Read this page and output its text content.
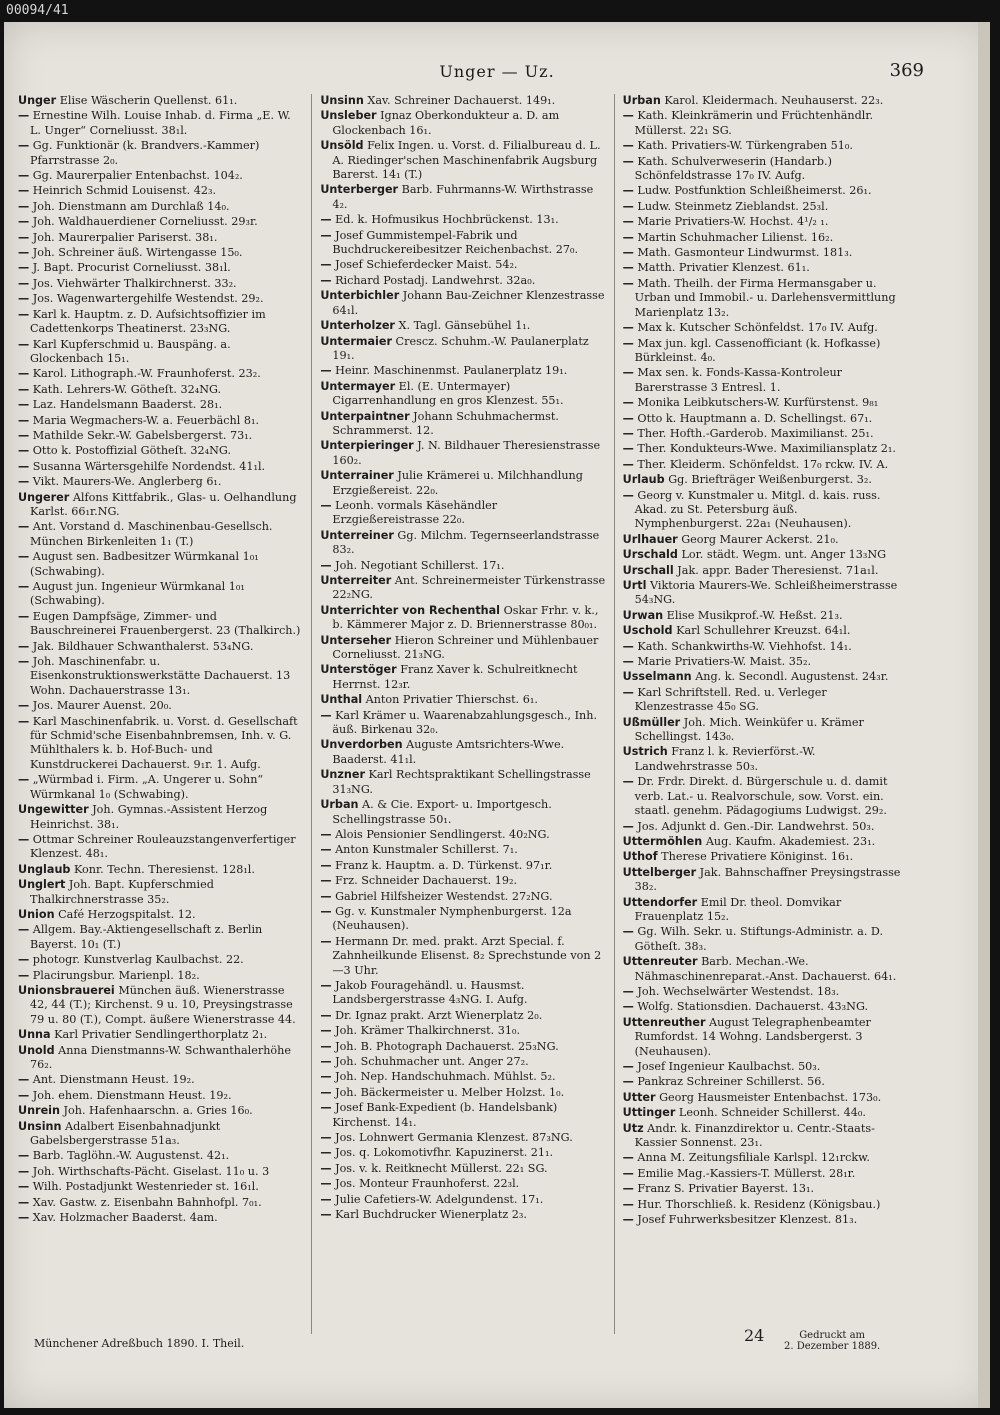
00094/41
Unger — Uz.	369
Unger Elise Wäscherin Quellenst. 61₁.
— Ernestine Wilh. Louise Inhab. d. Firma „E. W. L. Unger“ Corneliusst. 38₁l.
— Gg. Funktionär (k. Brandvers.-Kammer) Pfarrstrasse 2₀.
— Gg. Maurerpalier Entenbachst. 104₂.
— Heinrich Schmid Louisenst. 42₃.
— Joh. Dienstmann am Durchlaß 14₀.
— Joh. Waldhauerdiener Corneliusst. 29₃r.
— Joh. Maurerpalier Pariserst. 38₁.
— Joh. Schreiner äuß. Wirtengasse 15₀.
— J. Bapt. Procurist Corneliusst. 38₁l.
— Jos. Viehwärter Thalkirchnerst. 33₂.
— Jos. Wagenwartergehilfe Westendst. 29₂.
— Karl k. Hauptm. z. D. Aufsichtsoffizier im Cadettenkorps Theatinerst. 23₃NG.
— Karl Kupferschmid u. Bauspäng. a. Glockenbach 15₁.
— Karol. Lithograph.-W. Fraunhoferst. 23₂.
— Kath. Lehrers-W. Götheſt. 32₄NG.
— Laz. Handelsmann Baaderst. 28₁.
— Maria Wegmachers-W. a. Feuerbächl 8₁.
— Mathilde Sekr.-W. Gabelsbergerst. 73₁.
— Otto k. Postoffizial Götheſt. 32₄NG.
— Susanna Wärtersgehilfe Nordendst. 41₁l.
— Vikt. Maurers-We. Anglerberg 6₁.
Ungerer Alfons Kittfabrik., Glas- u. Oelhandlung Karlst. 66₁r.NG.
— Ant. Vorstand d. Maschinenbau-Gesellsch. München Birkenleiten 1₁ (T.)
— August sen. Badbesitzer Würmkanal 1₀₁ (Schwabing).
— August jun. Ingenieur Würmkanal 1₀₁ (Schwabing).
— Eugen Dampfsäge, Zimmer- und Bauschreinerei Frauenbergerst. 23 (Thalkirch.)
— Jak. Bildhauer Schwanthalerst. 53₄NG.
— Joh. Maschinenfabr. u. Eisenkonstruktionswerkstätte Dachauerst. 13 Wohn. Dachauerstrasse 13₁.
— Jos. Maurer Auenst. 20₀.
— Karl Maschinenfabrik. u. Vorst. d. Gesellschaft für Schmid'sche Eisenbahnbremsen, Inh. v. G. Mühlthalers k. b. Hof-Buch- und Kunstdruckerei Dachauerst. 9₁r. 1. Aufg.
— „Würmbad i. Firm. „A. Ungerer u. Sohn“ Würmkanal 1₀ (Schwabing).
Ungewitter Joh. Gymnas.-Assistent Herzog Heinrichst. 38₁.
— Ottmar Schreiner Rouleauzstangenverfertiger Klenzest. 48₁.
Unglaub Konr. Techn. Theresienst. 128₁l.
Unglert Joh. Bapt. Kupferschmied Thalkirchnerstrasse 35₂.
Union Café Herzogspitalst. 12.
— Allgem. Bay.-Aktiengesellschaft z. Berlin Bayerst. 10₁ (T.)
— photogr. Kunstverlag Kaulbachst. 22.
— Placirungsbur. Marienpl. 18₂.
Unionsbrauerei München äuß. Wienerstrasse 42, 44 (T.); Kirchenst. 9 u. 10, Preysingstrasse 79 u. 80 (T.), Compt. äußere Wienerstrasse 44.
Unna Karl Privatier Sendlingerthorplatz 2₁.
Unold Anna Dienstmanns-W. Schwanthalerhöhe 76₂.
— Ant. Dienstmann Heust. 19₂.
— Joh. ehem. Dienstmann Heust. 19₂.
Unrein Joh. Hafenhaarschn. a. Gries 16₀.
Unsinn Adalbert Eisenbahnadjunkt Gabelsbergerstrasse 51a₃.
— Barb. Taglöhn.-W. Augustenst. 42₁.
— Joh. Wirthschafts-Pächt. Giselast. 11₀ u. 3
— Wilh. Postadjunkt Westenrieder st. 16₁l.
— Xav. Gastw. z. Eisenbahn Bahnhofpl. 7₀₁.
— Xav. Holzmacher Baaderst. 4am.
Unsinn Xav. Schreiner Dachauerst. 149₁.
Unsleber Ignaz Oberkondukteur a. D. am Glockenbach 16₁.
Unsöld Felix Ingen. u. Vorst. d. Filialbureau d. L. A. Riedinger'schen Maschinenfabrik Augsburg Barerst. 14₁ (T.)
Unterberger Barb. Fuhrmanns-W. Wirthstrasse 4₂.
— Ed. k. Hofmusikus Hochbrückenst. 13₁.
— Josef Gummistempel-Fabrik und Buchdruckereibesitzer Reichenbachst. 27₀.
— Josef Schieferdecker Maist. 54₂.
— Richard Postadj. Landwehrst. 32a₀.
Unterbichler Johann Bau-Zeichner Klenzestrasse 64₁l.
Unterholzer X. Tagl. Gänsebühel 1₁.
Untermaier Crescz. Schuhm.-W. Paulanerplatz 19₁.
— Heinr. Maschinenmst. Paulanerplatz 19₁.
Untermayer El. (E. Untermayer) Cigarrenhandlung en gros Klenzest. 55₁.
Unterpaintner Johann Schuhmachermst. Schrammerst. 12.
Unterpieringer J. N. Bildhauer Theresienstrasse 160₂.
Unterrainer Julie Krämerei u. Milchhandlung Erzgießereist. 22₀.
— Leonh. vormals Käsehändler Erzgießereistrasse 22₀.
Unterreiner Gg. Milchm. Tegernseerlandstrasse 83₂.
— Joh. Negotiant Schillerst. 17₁.
Unterreiter Ant. Schreinermeister Türkenstrasse 22₂NG.
Unterrichter von Rechenthal Oskar Frhr. v. k., b. Kämmerer Major z. D. Briennerstrasse 80₀₁.
Unterseher Hieron Schreiner und Mühlenbauer Corneliusst. 21₃NG.
Unterstöger Franz Xaver k. Schulreitknecht Herrnst. 12₃r.
Unthal Anton Privatier Thierschst. 6₁.
— Karl Krämer u. Waarenabzahlungsgesch., Inh. äuß. Birkenau 32₀.
Unverdorben Auguste Amtsrichters-Wwe. Baaderst. 41₁l.
Unzner Karl Rechtspraktikant Schellingstrasse 31₃NG.
Urban A. & Cie. Export- u. Importgesch. Schellingstrasse 50₁.
— Alois Pensionier Sendlingerst. 40₂NG.
— Anton Kunstmaler Schillerst. 7₁.
— Franz k. Hauptm. a. D. Türkenst. 97₁r.
— Frz. Schneider Dachauerst. 19₂.
— Gabriel Hilfsheizer Westendst. 27₂NG.
— Gg. v. Kunstmaler Nymphenburgerst. 12a (Neuhausen).
— Hermann Dr. med. prakt. Arzt Special. f. Zahnheilkunde Elisenst. 8₂ Sprechstunde von 2—3 Uhr.
— Jakob Fouragehändl. u. Hausmst. Landsbergerstrasse 4₃NG. I. Aufg.
— Dr. Ignaz prakt. Arzt Wienerplatz 2₀.
— Joh. Krämer Thalkirchnerst. 31₀.
— Joh. B. Photograph Dachauerst. 25₃NG.
— Joh. Schuhmacher unt. Anger 27₂.
— Joh. Nep. Handschuhmach. Mühlst. 5₂.
— Joh. Bäckermeister u. Melber Holzst. 1₀.
— Josef Bank-Expedient (b. Handelsbank) Kirchenst. 14₁.
— Jos. Lohnwert Germania Klenzest. 87₃NG.
— Jos. q. Lokomotivfhr. Kapuzinerst. 21₁.
— Jos. v. k. Reitknecht Müllerst. 22₁ SG.
— Jos. Monteur Fraunhoferst. 22₃l.
— Julie Cafetiers-W. Adelgundenst. 17₁.
— Karl Buchdrucker Wienerplatz 2₃.
Urban Karol. Kleidermach. Neuhauserst. 22₃.
— Kath. Kleinkrämerin und Früchtenhändlr. Müllerst. 22₁ SG.
— Kath. Privatiers-W. Türkengraben 51₀.
— Kath. Schulverweserin (Handarb.) Schönfeldstrasse 17₀ IV. Aufg.
— Ludw. Postfunktion Schleißheimerst. 26₁.
— Ludw. Steinmetz Zieblandst. 25₃l.
— Marie Privatiers-W. Hochst. 4¹/₂ ₁.
— Martin Schuhmacher Lilienst. 16₂.
— Math. Gasmonteur Lindwurmst. 181₃.
— Matth. Privatier Klenzest. 61₁.
— Math. Theilh. der Firma Hermansgaber u. Urban und Immobil.- u. Darlehensvermittlung Marienplatz 13₂.
— Max k. Kutscher Schönfeldst. 17₀ IV. Aufg.
— Max jun. kgl. Cassenofficiant (k. Hofkasse) Bürkleinst. 4₀.
— Max sen. k. Fonds-Kassa-Kontroleur Barerstrasse 3 Entresl. 1.
— Monika Leibkutschers-W. Kurfürstenst. 9₈₁
— Otto k. Hauptmann a. D. Schellingst. 67₁.
— Ther. Hofth.-Garderob. Maximilianst. 25₁.
— Ther. Kondukteurs-Wwe. Maximiliansplatz 2₁.
— Ther. Kleiderm. Schönfeldst. 17₀ rckw. IV. A.
Urlaub Gg. Briefträger Weißenburgerst. 3₂.
— Georg v. Kunstmaler u. Mitgl. d. kais. russ. Akad. zu St. Petersburg äuß. Nymphenburgerst. 22a₁ (Neuhausen).
Urlhauer Georg Maurer Ackerst. 21₀.
Urschald Lor. städt. Wegm. unt. Anger 13₃NG
Urschall Jak. appr. Bader Theresienst. 71a₁l.
Urtl Viktoria Maurers-We. Schleißheimerstrasse 54₃NG.
Urwan Elise Musikprof.-W. Heßst. 21₃.
Uschold Karl Schullehrer Kreuzst. 64₁l.
— Kath. Schankwirths-W. Viehhofst. 14₁.
— Marie Privatiers-W. Maist. 35₂.
Usselmann Ang. k. Secondl. Augustenst. 24₃r.
— Karl Schriftstell. Red. u. Verleger Klenzestrasse 45₀ SG.
Ußmüller Joh. Mich. Weinküfer u. Krämer Schellingst. 143₀.
Ustrich Franz l. k. Revierförst.-W. Landwehrstrasse 50₃.
— Dr. Frdr. Direkt. d. Bürgerschule u. d. damit verb. Lat.- u. Realvorschule, sow. Vorst. ein. staatl. genehm. Pädagogiums Ludwigst. 29₂.
— Jos. Adjunkt d. Gen.-Dir. Landwehrst. 50₃.
Uttermöhlen Aug. Kaufm. Akademiest. 23₁.
Uthof Therese Privatiere Königinst. 16₁.
Uttelberger Jak. Bahnschaffner Preysingstrasse 38₂.
Uttendorfer Emil Dr. theol. Domvikar Frauenplatz 15₂.
— Gg. Wilh. Sekr. u. Stiftungs-Administr. a. D. Götheſt. 38₃.
Uttenreuter Barb. Mechan.-We. Nähmaschinenreparat.-Anst. Dachauerst. 64₁.
— Joh. Wechselwärter Westendst. 18₃.
— Wolfg. Stationsdien. Dachauerst. 43₃NG.
Uttenreuther August Telegraphenbeamter Rumfordst. 14 Wohng. Landsbergerst. 3 (Neuhausen).
— Josef Ingenieur Kaulbachst. 50₃.
— Pankraz Schreiner Schillerst. 56.
Utter Georg Hausmeister Entenbachst. 173₀.
Uttinger Leonh. Schneider Schillerst. 44₀.
Utz Andr. k. Finanzdirektor u. Centr.-Staats-Kassier Sonnenst. 23₁.
— Anna M. Zeitungsfiliale Karlspl. 12₁rckw.
— Emilie Mag.-Kassiers-T. Müllerst. 28₁r.
— Franz S. Privatier Bayerst. 13₁.
— Hur. Thorschließ. k. Residenz (Königsbau.)
— Josef Fuhrwerksbesitzer Klenzest. 81₃.
Münchener Adreßbuch 1890. I. Theil.	24	Gedruckt am
2. Dezember 1889.
